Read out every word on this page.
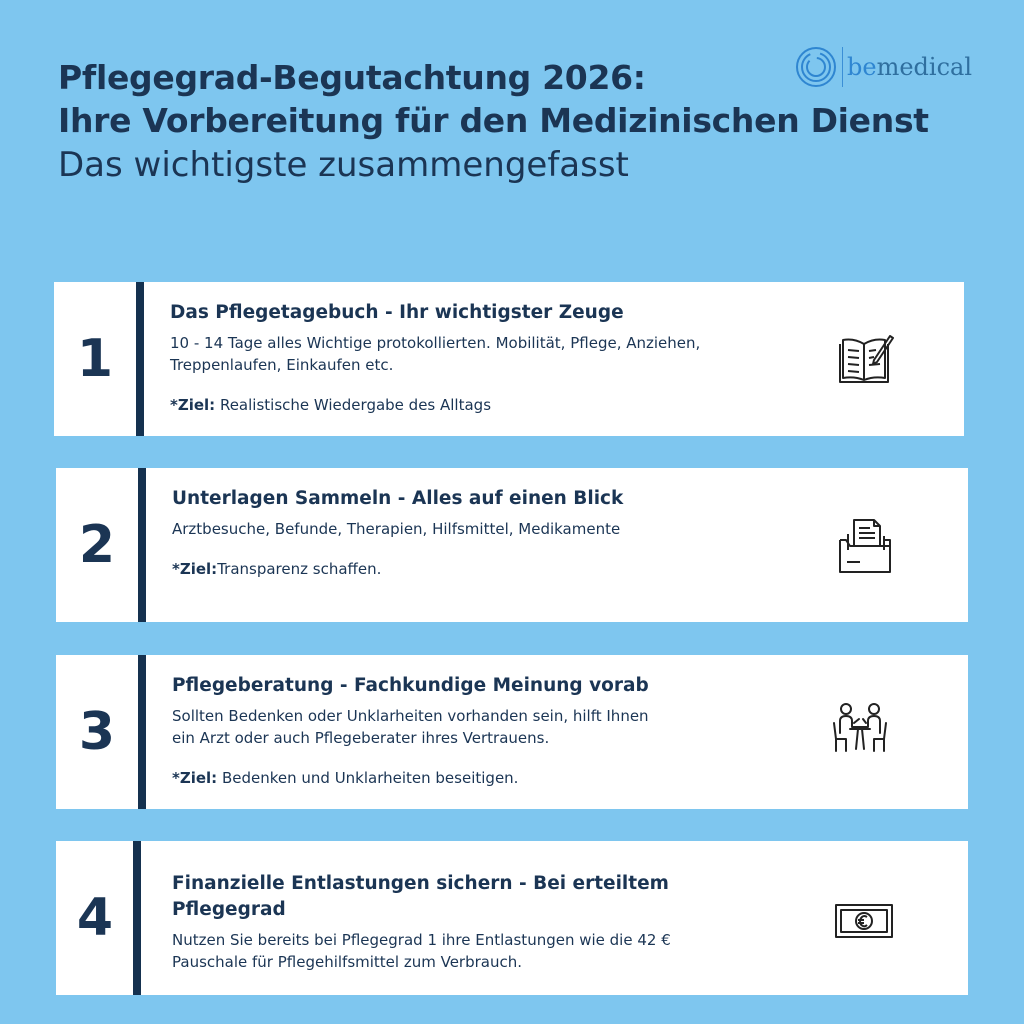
Pflegegrad-Begutachtung 2026:
Ihre Vorbereitung für den Medizinischen Dienst
Das wichtigste zusammengefasst
be medical
1
Das Pflegetagebuch - Ihr wichtigster Zeuge
10 - 14 Tage alles Wichtige protokollierten. Mobilität, Pflege, Anziehen,
Treppenlaufen, Einkaufen etc.
*Ziel: Realistische Wiedergabe des Alltags
2
Unterlagen Sammeln - Alles auf einen Blick
Arztbesuche, Befunde, Therapien, Hilfsmittel, Medikamente
*Ziel:Transparenz schaffen.
3
Pflegeberatung - Fachkundige Meinung vorab
Sollten Bedenken oder Unklarheiten vorhanden sein, hilft Ihnen
ein Arzt oder auch Pflegeberater ihres Vertrauens.
*Ziel: Bedenken und Unklarheiten beseitigen.
4
Finanzielle Entlastungen sichern - Bei erteiltem Pflegegrad
Nutzen Sie bereits bei Pflegegrad 1 ihre Entlastungen wie die 42 €
Pauschale für Pflegehilfsmittel zum Verbrauch.
